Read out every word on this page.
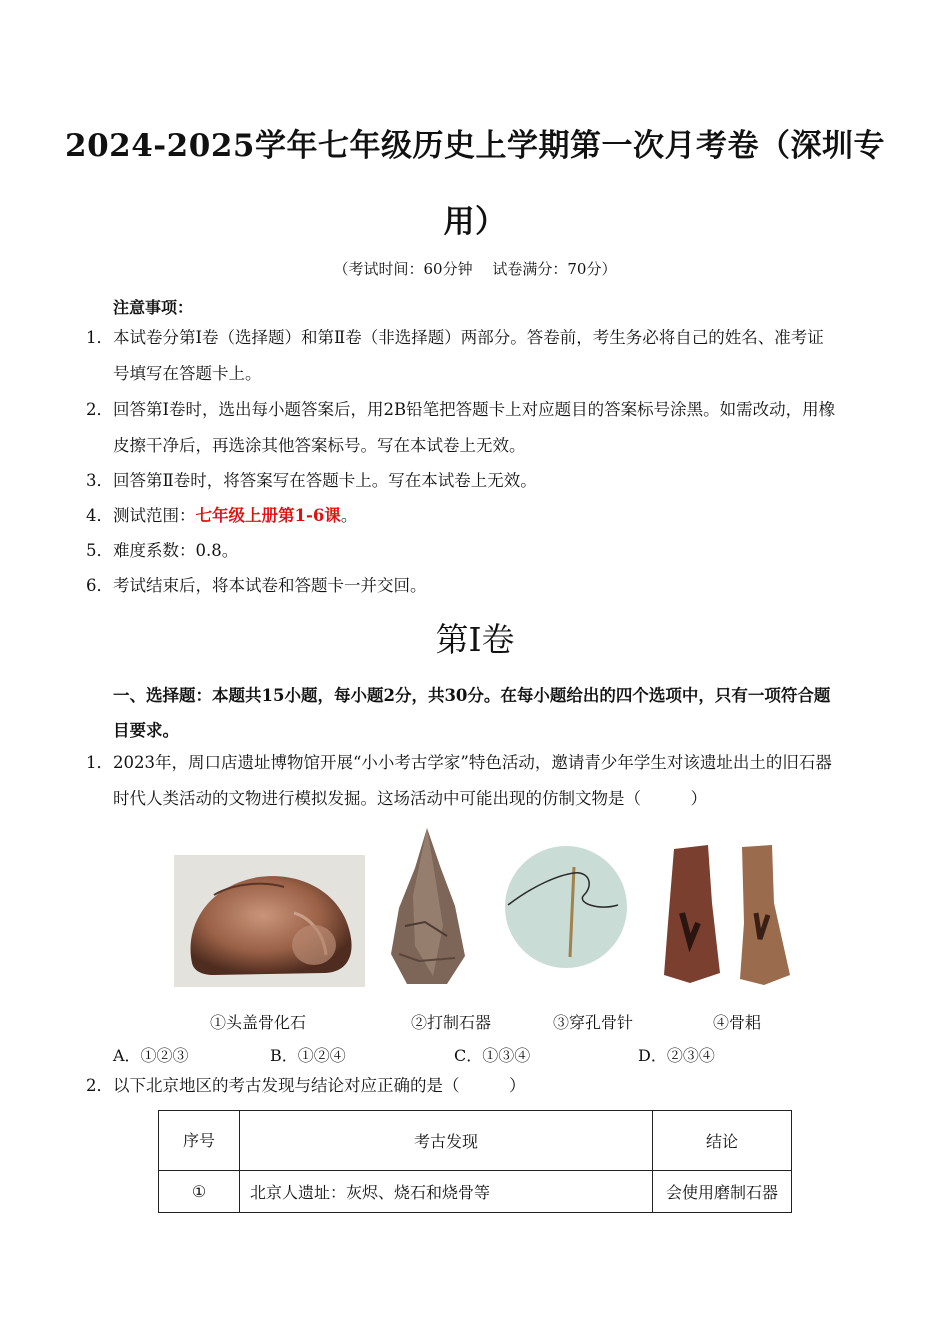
2024-2025学年七年级历史上学期第一次月考卷（深圳专
用）
（考试时间：60分钟　 试卷满分：70分）
注意事项：
1．本试卷分第Ⅰ卷（选择题）和第Ⅱ卷（非选择题）两部分。答卷前，考生务必将自己的姓名、准考证
号填写在答题卡上。
2．回答第Ⅰ卷时，选出每小题答案后，用2B铅笔把答题卡上对应题目的答案标号涂黑。如需改动，用橡
皮擦干净后，再选涂其他答案标号。写在本试卷上无效。
3．回答第Ⅱ卷时，将答案写在答题卡上。写在本试卷上无效。
4．测试范围：七年级上册第1-6课。
5．难度系数：0.8。
6．考试结束后，将本试卷和答题卡一并交回。
第Ⅰ卷
一、选择题：本题共15小题，每小题2分，共30分。在每小题给出的四个选项中，只有一项符合题
目要求。
1．2023年，周口店遗址博物馆开展“小小考古学家”特色活动，邀请青少年学生对该遗址出土的旧石器
时代人类活动的文物进行模拟发掘。这场活动中可能出现的仿制文物是（　　　）
①头盖骨化石	②打制石器	③穿孔骨针	④骨耜
A．①②③	B．①②④	C．①③④	D．②③④
2．以下北京地区的考古发现与结论对应正确的是（　　　）
序号	考古发现	结论
①	北京人遗址：灰烬、烧石和烧骨等	会使用磨制石器
